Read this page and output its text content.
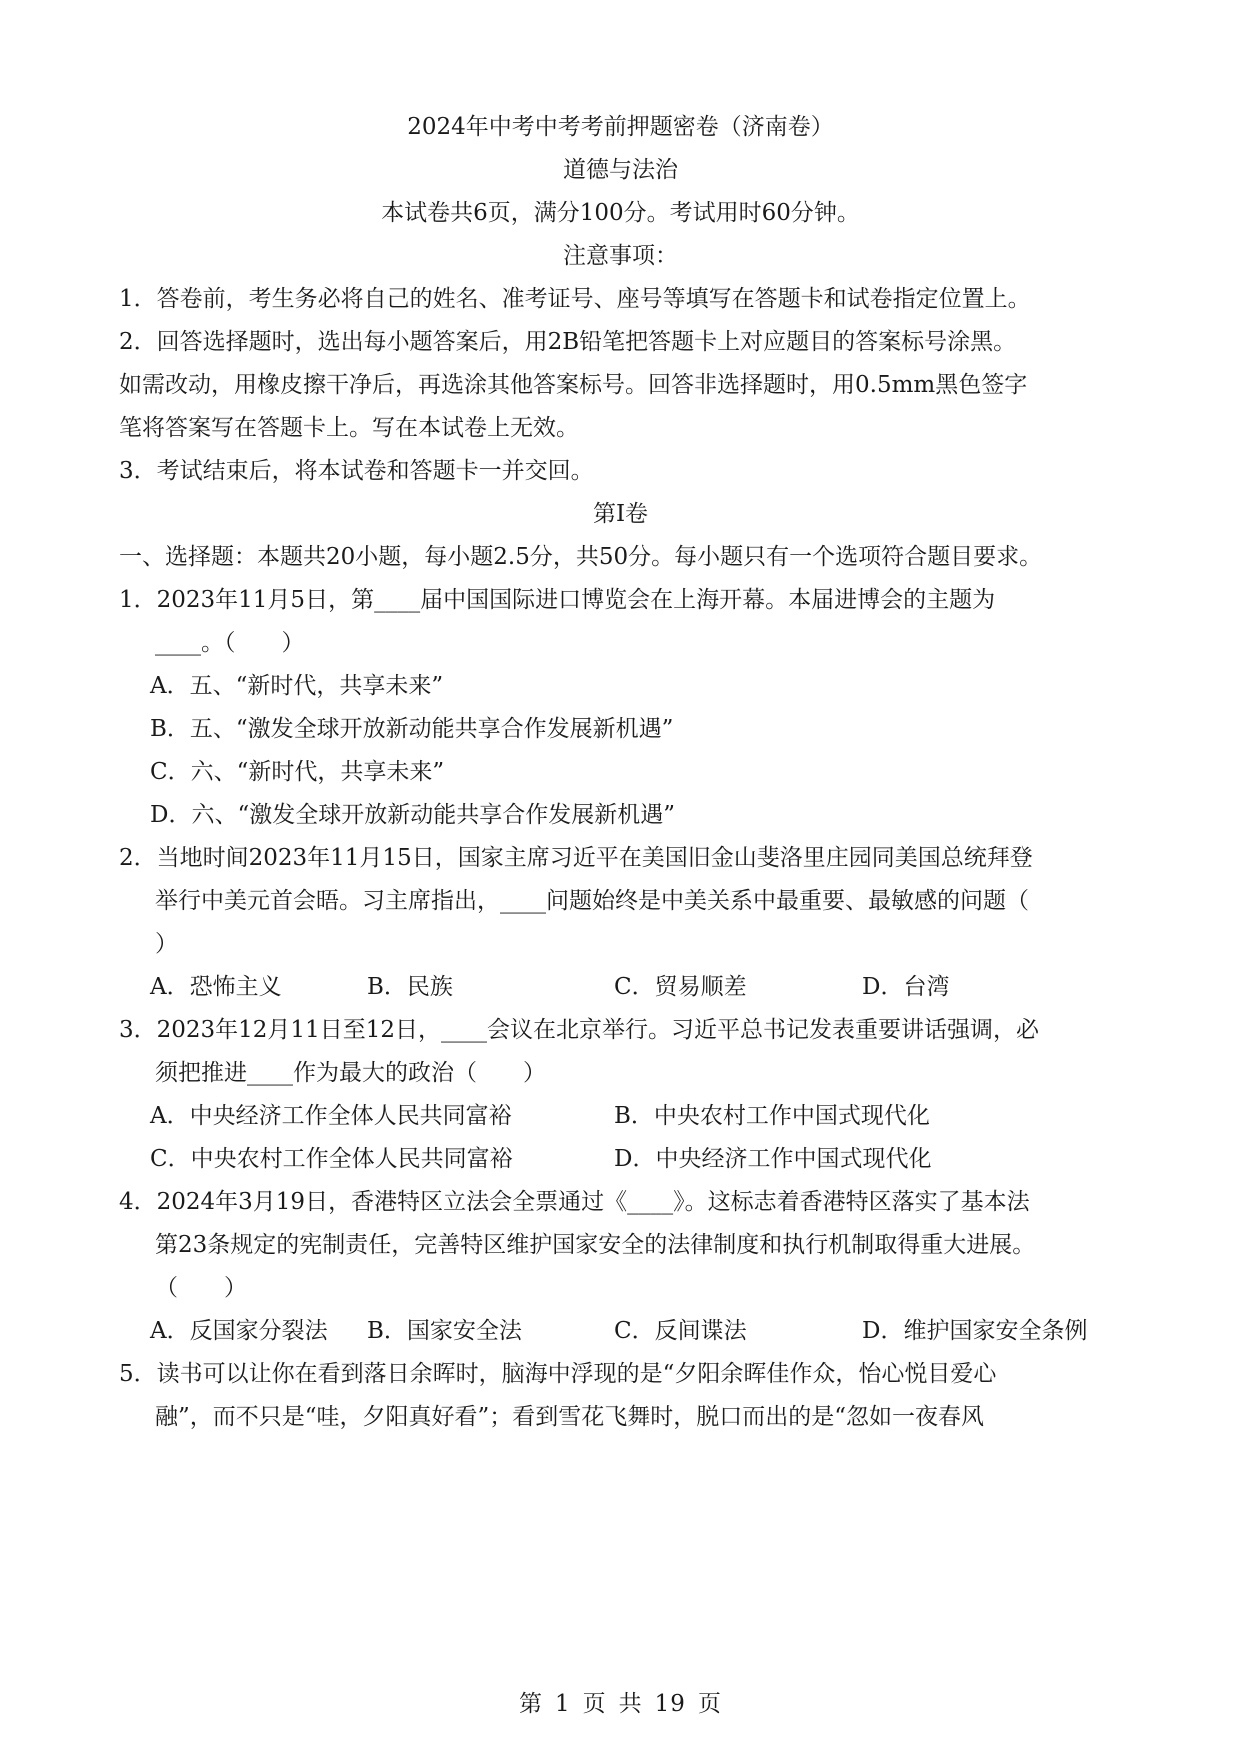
2024年中考中考考前押题密卷（济南卷）
道德与法治
本试卷共6页，满分100分。考试用时60分钟。
注意事项：
1．答卷前，考生务必将自己的姓名、准考证号、座号等填写在答题卡和试卷指定位置上。
2．回答选择题时，选出每小题答案后，用2B铅笔把答题卡上对应题目的答案标号涂黑。
如需改动，用橡皮擦干净后，再选涂其他答案标号。回答非选择题时，用0.5mm黑色签字
笔将答案写在答题卡上。写在本试卷上无效。
3．考试结束后，将本试卷和答题卡一并交回。
第Ⅰ卷
一、选择题：本题共20小题，每小题2.5分，共50分。每小题只有一个选项符合题目要求。
1．2023年11月5日，第____届中国国际进口博览会在上海开幕。本届进博会的主题为
____。（　　）
A．五、“新时代，共享未来”
B．五、“激发全球开放新动能共享合作发展新机遇”
C．六、“新时代，共享未来”
D．六、“激发全球开放新动能共享合作发展新机遇”
2．当地时间2023年11月15日，国家主席习近平在美国旧金山斐洛里庄园同美国总统拜登
举行中美元首会晤。习主席指出，____问题始终是中美关系中最重要、最敏感的问题（
）
A．恐怖主义	B．民族	C．贸易顺差	D．台湾
3．2023年12月11日至12日，____会议在北京举行。习近平总书记发表重要讲话强调，必
须把推进____作为最大的政治（　　）
A．中央经济工作全体人民共同富裕	B．中央农村工作中国式现代化
C．中央农村工作全体人民共同富裕	D．中央经济工作中国式现代化
4．2024年3月19日，香港特区立法会全票通过《____》。这标志着香港特区落实了基本法
第23条规定的宪制责任，完善特区维护国家安全的法律制度和执行机制取得重大进展。
（　　）
A．反国家分裂法 B．国家安全法	C．反间谍法	D．维护国家安全条例
5．读书可以让你在看到落日余晖时，脑海中浮现的是“夕阳余晖佳作众，怡心悦目爱心
融”，而不只是“哇，夕阳真好看”；看到雪花飞舞时，脱口而出的是“忽如一夜春风
第 1 页 共 19 页
